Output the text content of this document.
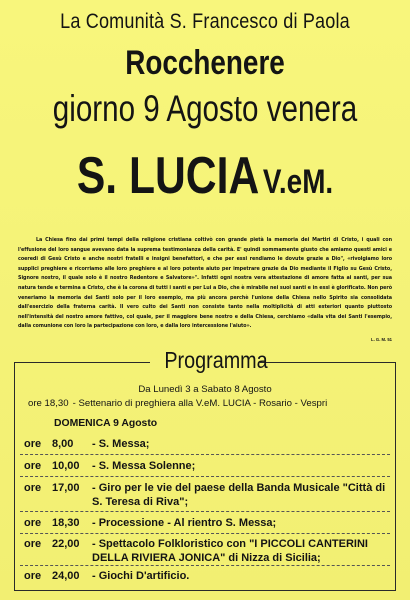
La Comunità S. Francesco di Paola
Rocchenere
giorno 9 Agosto venera
S. LUCIA V.eM.
La Chiesa fino dai primi tempi della religione cristiana coltivò con grande pietà la memoria dei Martiri di Cristo, i quali con l'effusione del loro sangue avevano data la suprema testimonianza della carità. E' quindi sommamente giusto che amiamo questi amici e coeredi di Gesù Cristo e anche nostri fratelli e insigni benefattori, e che per essi rendiamo le dovute grazie a Dio", «rivolgiamo loro supplici preghiere e ricorriamo alle loro preghiere e al loro potente aiuto per impetrare grazie da Dio mediante il Figlio su Gesù Cristo, Signore nostro, il quale solo è il nostro Redentore e Salvatore»". Infatti ogni nostra vera attestazione di amore fatta ai santi, per sua natura tende e termina a Cristo, che è la corona di tutti i santi e per Lui a Dio, che è mirabile nei suoi santi e in essi è glorificato. Non però veneriamo la memoria dei Santi solo per il loro esempio, ma più ancora perchè l'unione della Chiesa nello Spirito sia consolidata dall'esercizio della fraterna carità. Il vero culto dei Santi non consiste tanto nella moltiplicità di atti esteriori quanto piuttosto nell'intensità del nostro amore fattivo, col quale, per il maggiore bene nostro e della Chiesa, cerchiamo «dalla vita dei Santi l'esempio, dalla comunione con loro la partecipazione con loro, e dalla loro intercessione l'aiuto».
L. G. M. 51
Programma
Da Lunedì 3 a Sabato 8 Agosto
ore 18,30 - Settenario di preghiera alla V.eM. LUCIA - Rosario - Vespri
DOMENICA 9 Agosto
ore 8,00 - S. Messa;
ore 10,00 - S. Messa Solenne;
ore 17,00 - Giro per le vie del paese della Banda Musicale "Città di S. Teresa di Riva";
ore 18,30 - Processione - Al rientro S. Messa;
ore 22,00 - Spettacolo Folkloristico con "I PICCOLI CANTERINI DELLA RIVIERA JONICA" di Nizza di Sicilia;
ore 24,00 - Giochi D'artificio.
